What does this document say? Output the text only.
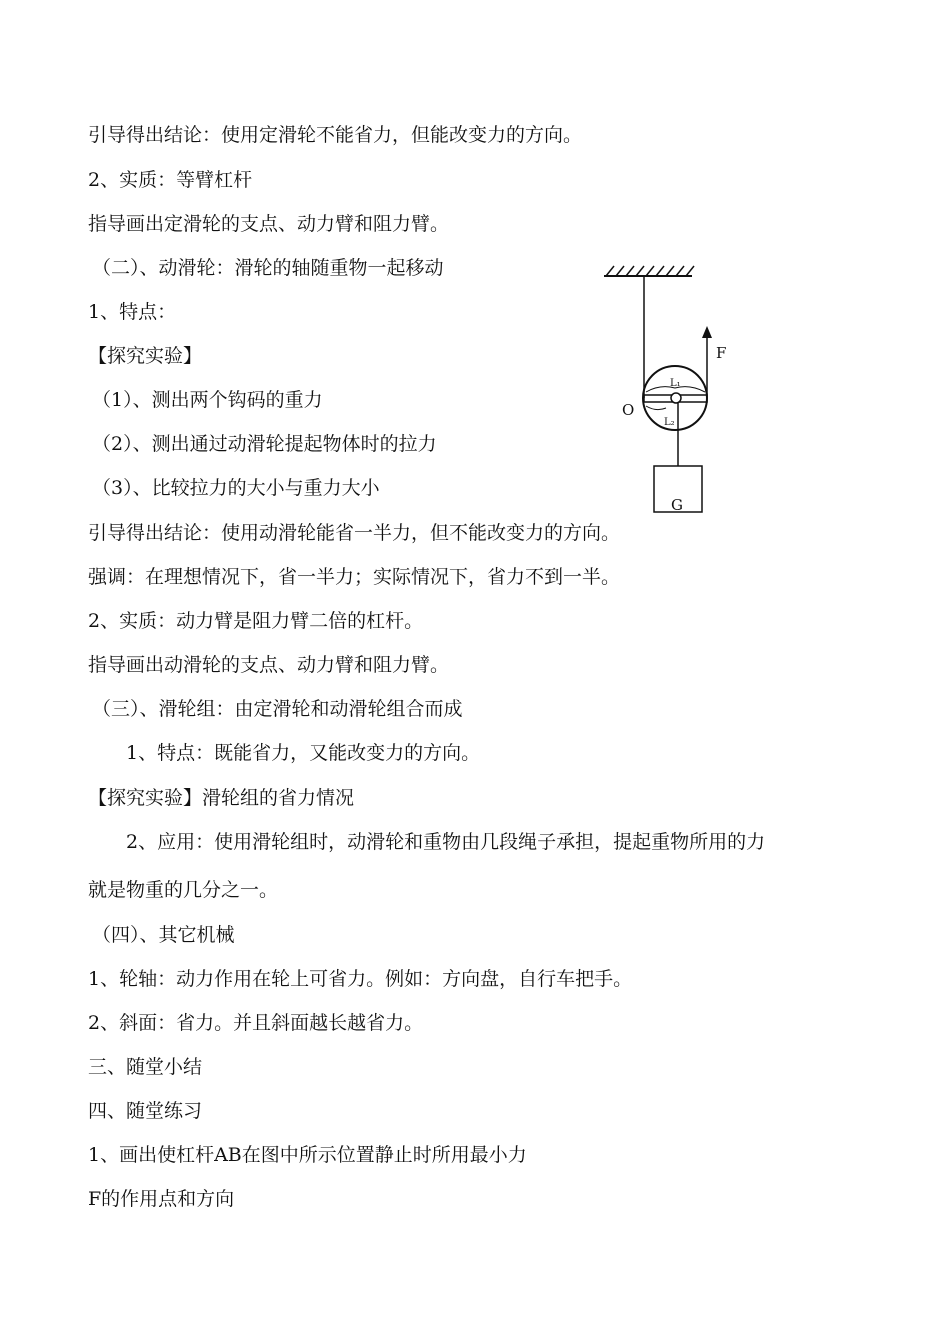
引导得出结论：使用定滑轮不能省力，但能改变力的方向。
2、实质：等臂杠杆
指导画出定滑轮的支点、动力臂和阻力臂。
（二）、动滑轮：滑轮的轴随重物一起移动
1、特点：
【探究实验】
（1）、测出两个钩码的重力
（2）、测出通过动滑轮提起物体时的拉力
（3）、比较拉力的大小与重力大小
引导得出结论：使用动滑轮能省一半力，但不能改变力的方向。
强调：在理想情况下，省一半力；实际情况下，省力不到一半。
2、实质：动力臂是阻力臂二倍的杠杆。
指导画出动滑轮的支点、动力臂和阻力臂。
（三）、滑轮组：由定滑轮和动滑轮组合而成
1、特点：既能省力，又能改变力的方向。
【探究实验】滑轮组的省力情况
2、应用：使用滑轮组时，动滑轮和重物由几段绳子承担，提起重物所用的力
就是物重的几分之一。
（四）、其它机械
1、轮轴：动力作用在轮上可省力。例如：方向盘，自行车把手。
2、斜面：省力。并且斜面越长越省力。
三、随堂小结
四、随堂练习
1、画出使杠杆AB在图中所示位置静止时所用最小力
F的作用点和方向
F
L₁
L₂
O
G
